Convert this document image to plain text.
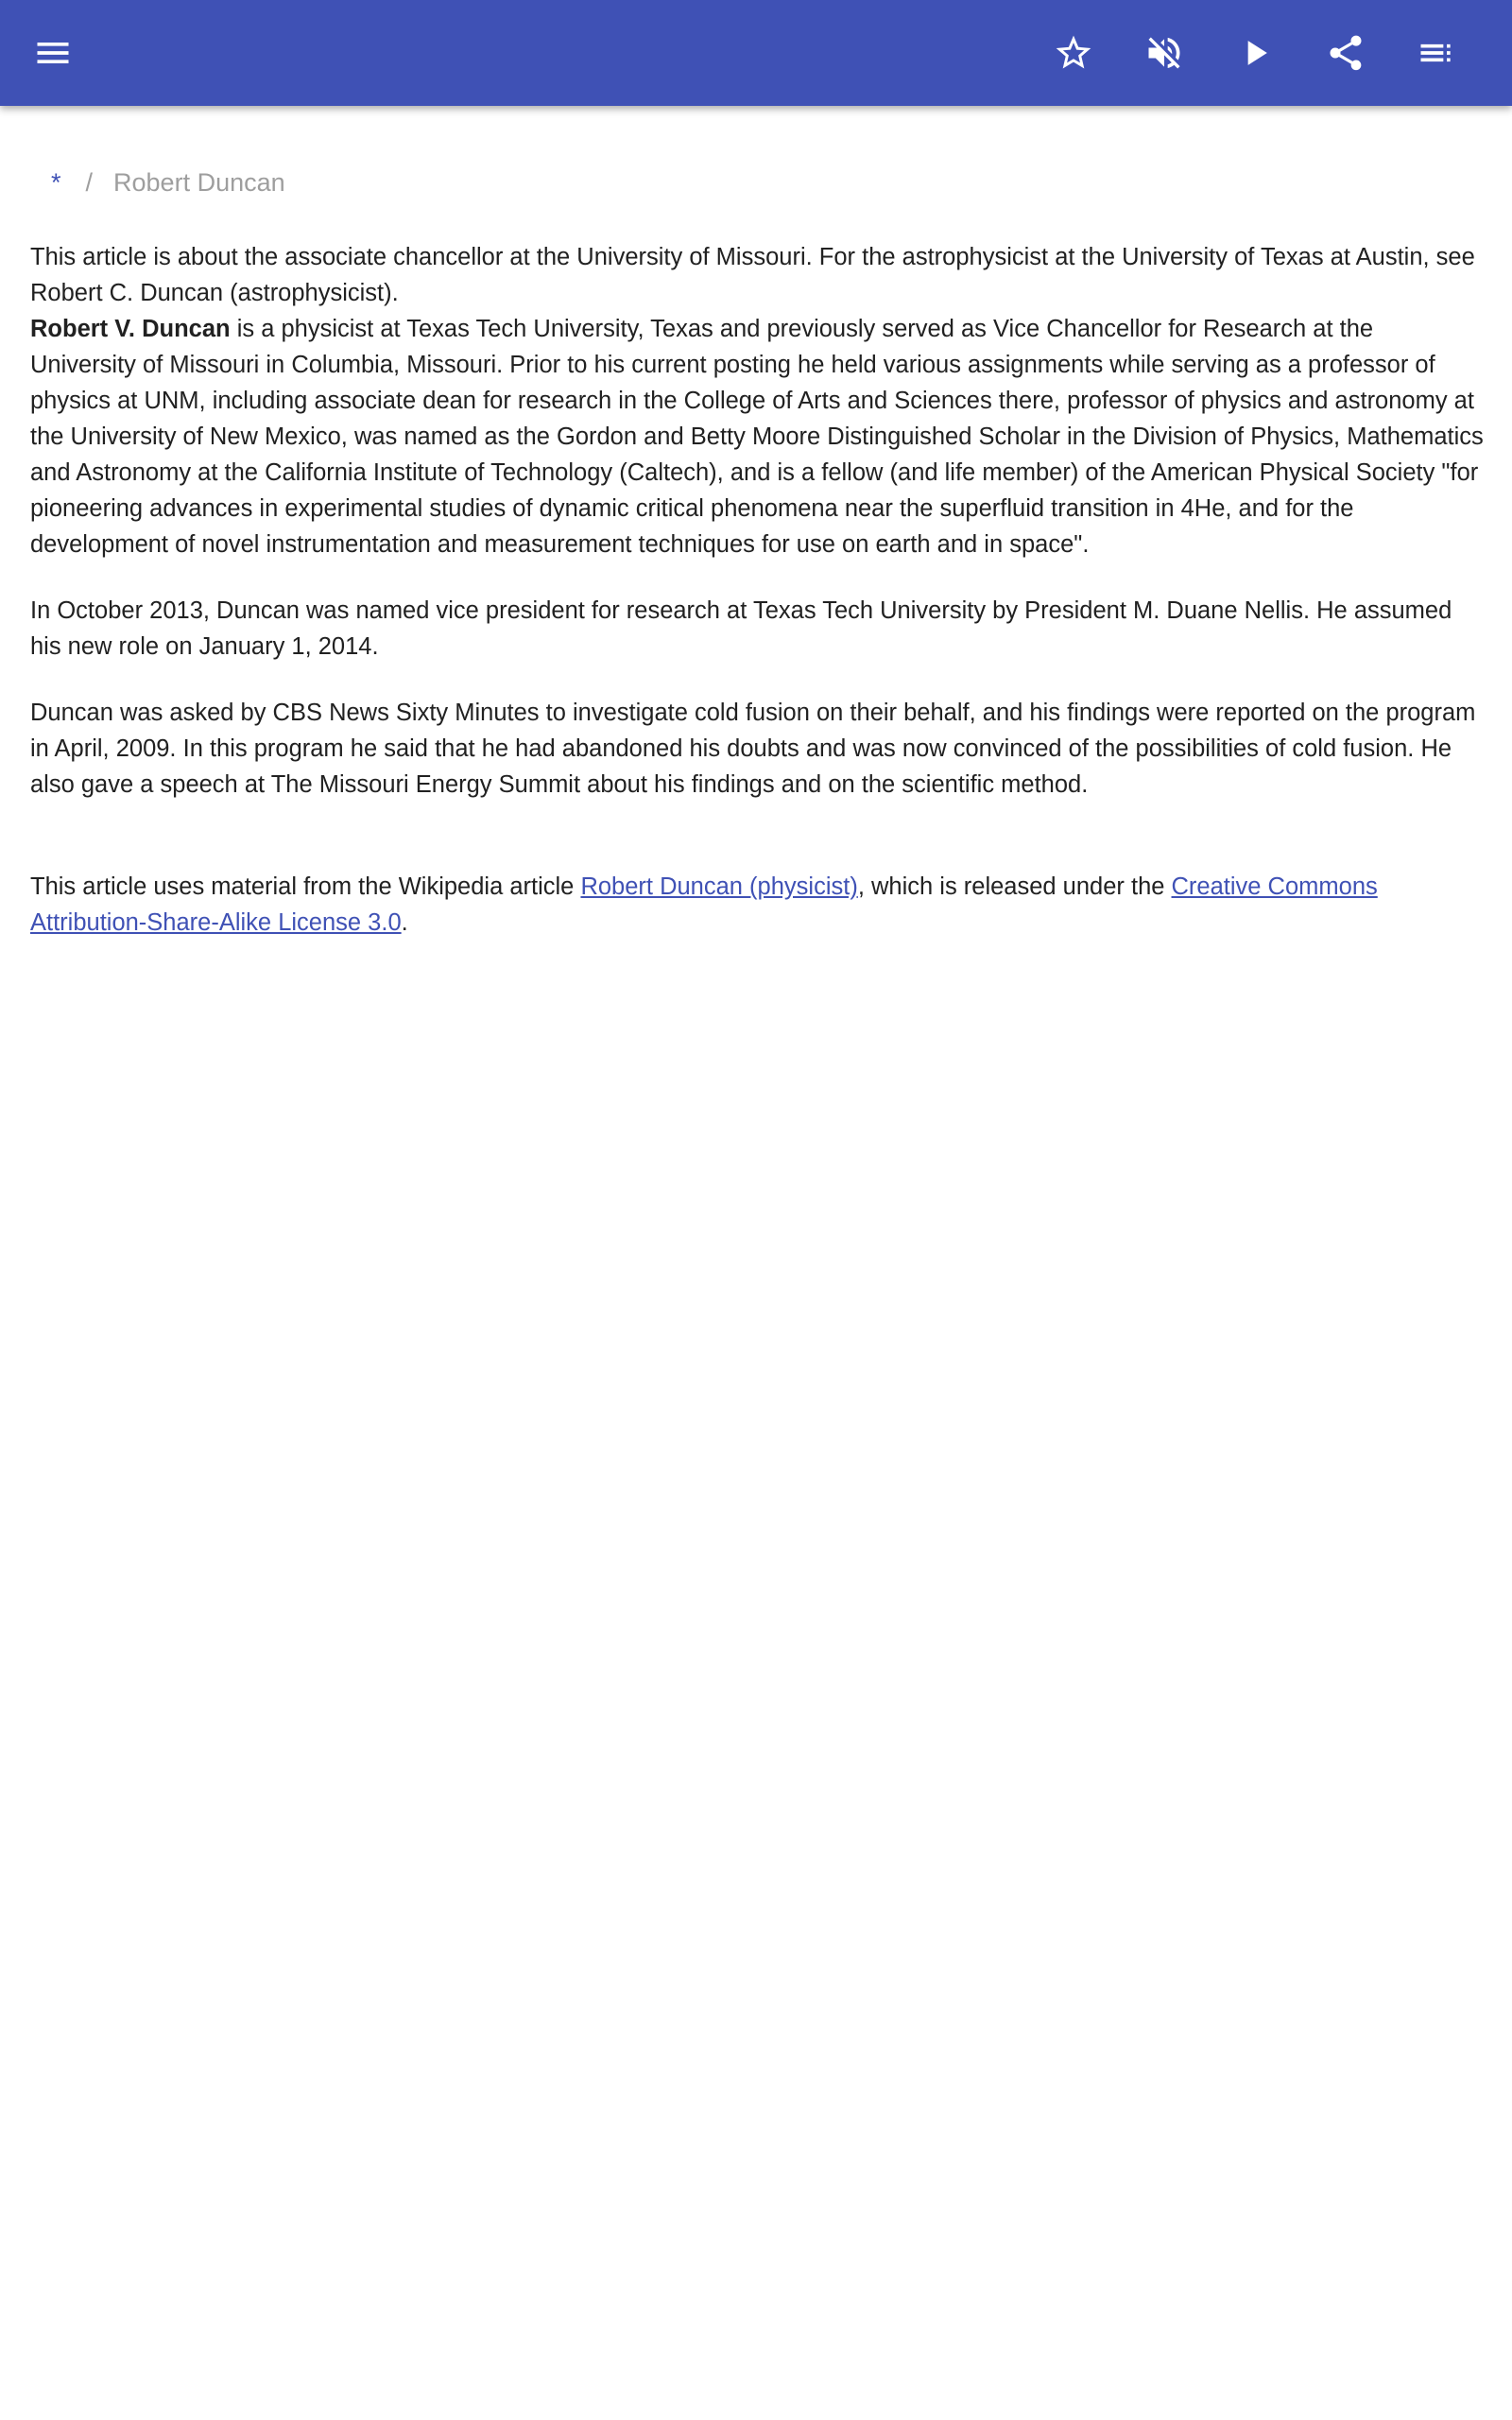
* / Robert Duncan

This article is about the associate chancellor at the University of Missouri. For the astrophysicist at the University of Texas at Austin, see Robert C. Duncan (astrophysicist).

Robert V. Duncan is a physicist at Texas Tech University, Texas and previously served as Vice Chancellor for Research at the University of Missouri in Columbia, Missouri. Prior to his current posting he held various assignments while serving as a professor of physics at UNM, including associate dean for research in the College of Arts and Sciences there, professor of physics and astronomy at the University of New Mexico, was named as the Gordon and Betty Moore Distinguished Scholar in the Division of Physics, Mathematics and Astronomy at the California Institute of Technology (Caltech), and is a fellow (and life member) of the American Physical Society "for pioneering advances in experimental studies of dynamic critical phenomena near the superfluid transition in 4He, and for the development of novel instrumentation and measurement techniques for use on earth and in space".

In October 2013, Duncan was named vice president for research at Texas Tech University by President M. Duane Nellis. He assumed his new role on January 1, 2014.

Duncan was asked by CBS News Sixty Minutes to investigate cold fusion on their behalf, and his findings were reported on the program in April, 2009. In this program he said that he had abandoned his doubts and was now convinced of the possibilities of cold fusion. He also gave a speech at The Missouri Energy Summit about his findings and on the scientific method.

This article uses material from the Wikipedia article Robert Duncan (physicist), which is released under the Creative Commons Attribution-Share-Alike License 3.0.
